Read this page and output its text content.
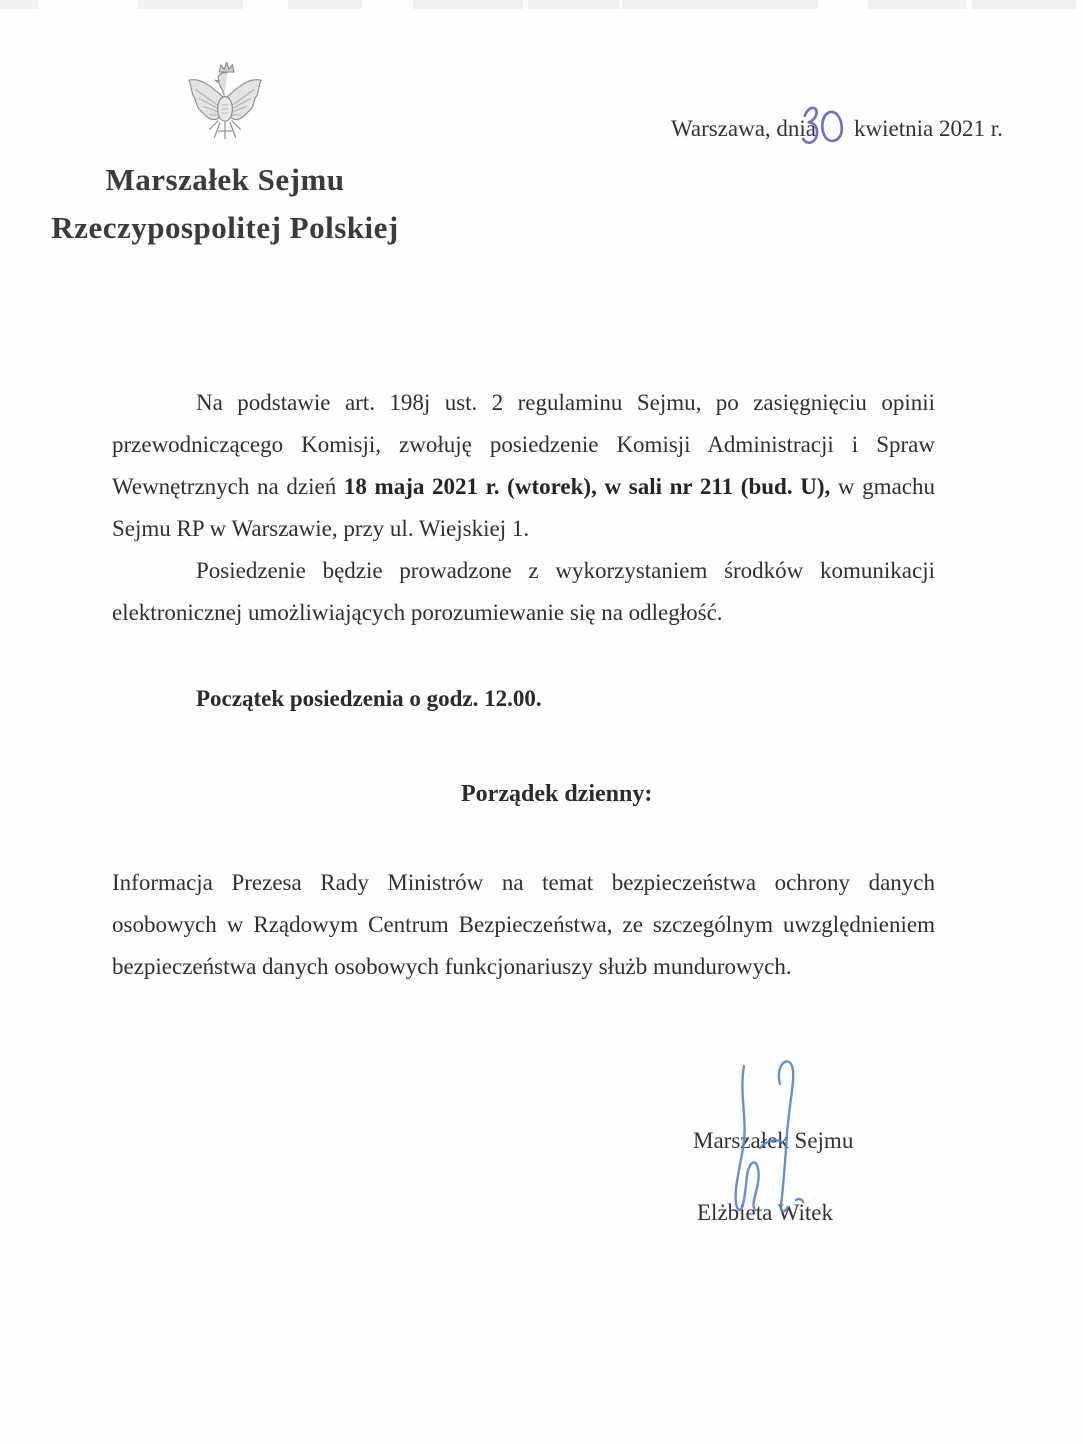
Marszałek Sejmu
Rzeczypospolitej Polskiej
Warszawa, dnia kwietnia 2021 r.

Na podstawie art. 198j ust. 2 regulaminu Sejmu, po zasięgnięciu opinii przewodniczącego Komisji, zwołuję posiedzenie Komisji Administracji i Spraw Wewnętrznych na dzień 18 maja 2021 r. (wtorek), w sali nr 211 (bud. U), w gmachu Sejmu RP w Warszawie, przy ul. Wiejskiej 1.

Posiedzenie będzie prowadzone z wykorzystaniem środków komunikacji elektronicznej umożliwiających porozumiewanie się na odległość.

Początek posiedzenia o godz. 12.00.
Porządek dzienny:

Informacja Prezesa Rady Ministrów na temat bezpieczeństwa ochrony danych osobowych w Rządowym Centrum Bezpieczeństwa, ze szczególnym uwzględnieniem bezpieczeństwa danych osobowych funkcjonariuszy służb mundurowych.

Marszałek Sejmu
Elżbieta Witek
